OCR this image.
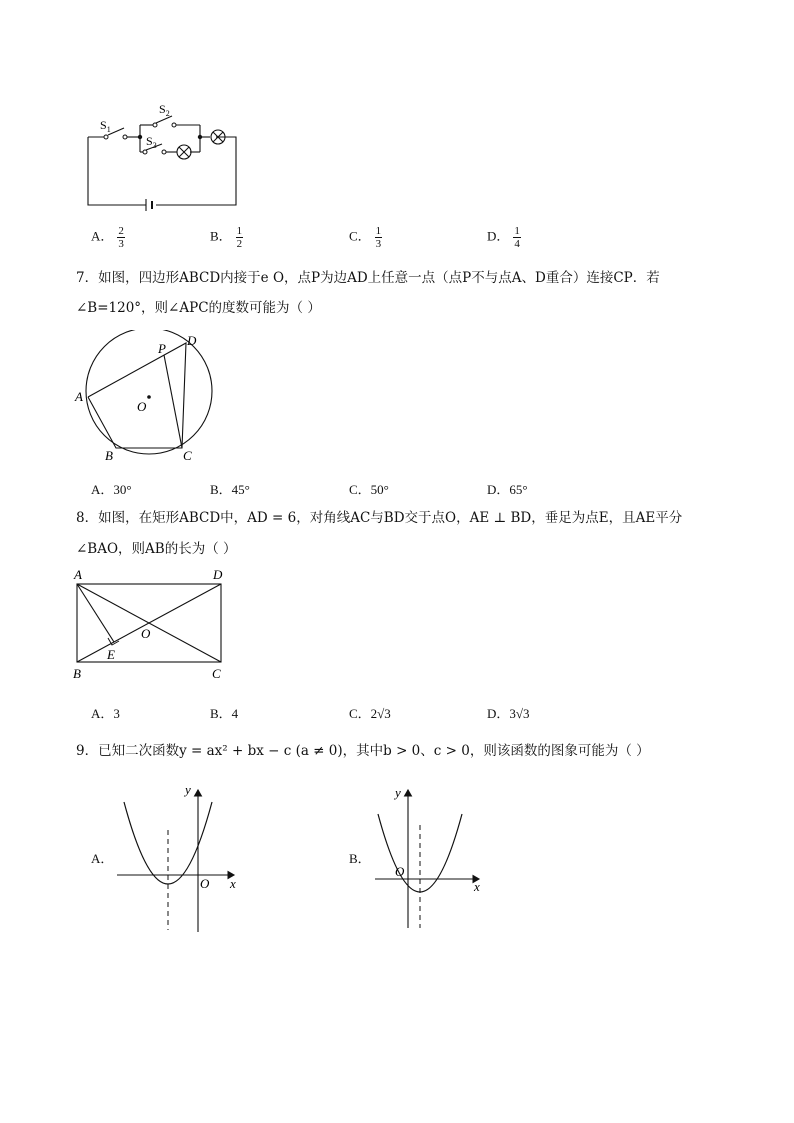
$S_1$
$S_2$
$S_3$
A． $\frac{2}{3}$	B． $\frac{1}{2}$	C． $\frac{1}{3}$	D． $\frac{1}{4}$
7．如图，四边形ABCD内接于e O，点P为边AD上任意一点（点P不与点A、D重合）连接CP．若
∠B=120°，则∠APC的度数可能为（ ）
A
B	C
D
P
O
A．30°	B．45°	C．50°	D．65°
8．如图，在矩形ABCD中，AD = 6，对角线AC与BD交于点O，AE ⊥ BD，垂足为点E，且AE平分
∠BAO，则AB的长为（ ）
A	D
B	C
O
E
A．3	B．4	C．2√3	D．3√3
9．已知二次函数y = ax² + bx − c (a ≠ 0)，其中b > 0、c > 0，则该函数的图象可能为（ ）
A．
y
x
O
B．
y
x
O
